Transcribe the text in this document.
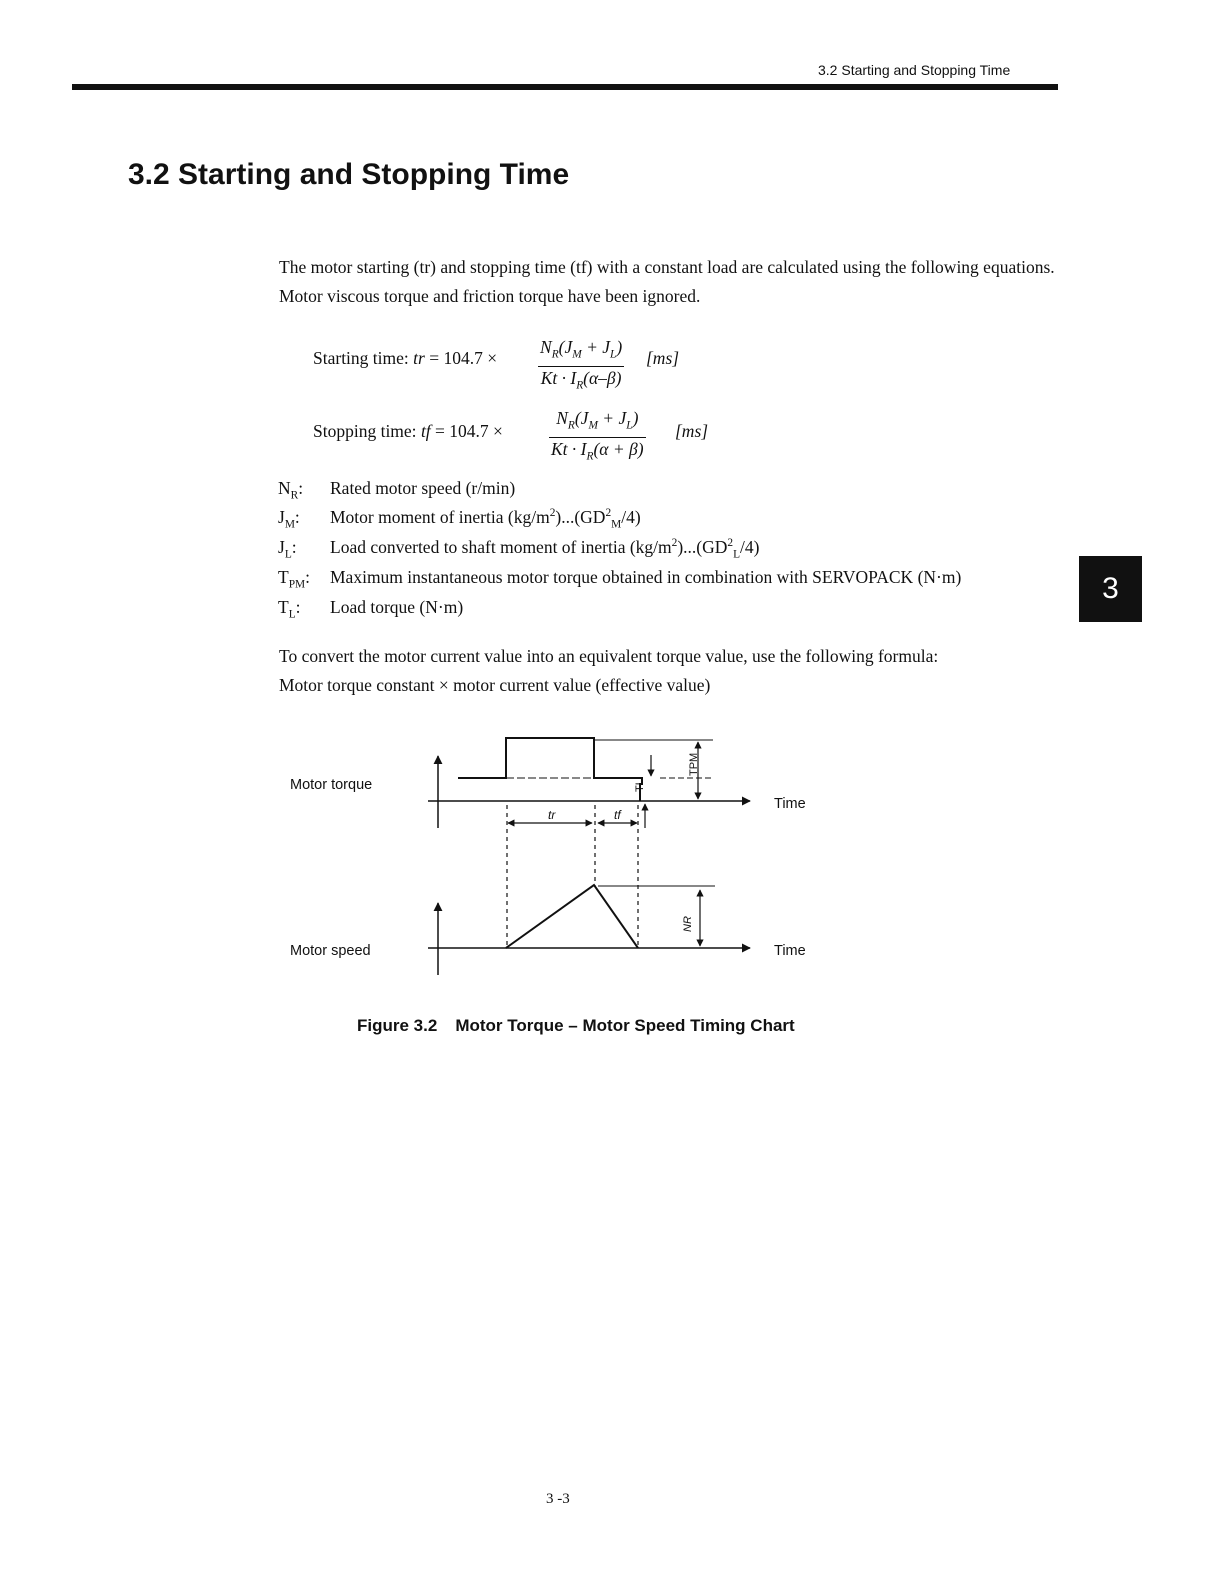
3.2 Starting and Stopping Time
3.2 Starting and Stopping Time
The motor starting (tr) and stopping time (tf) with a constant load are calculated using the following equations. Motor viscous torque and friction torque have been ignored.
Starting time: tr = $104.7 \times \frac{N_R(J_M + J_L)}{Kt \cdot I_R(\alpha-\beta)} [ms]$
Stopping time: tf = 104.7 ×	$\frac{N_R(J_M + J_L)}{Kt \cdot I_R(\alpha + \beta)} [ms]$
$N_R$: Rated motor speed (r/min)
$J_M$: Motor moment of inertia $(kg/m^2)...(GD^2_M/4)$
$J_L$: Load converted to shaft moment of inertia $(kg/m^2)...(GD^2_L/4)$
$T_{PM}$: Maximum instantaneous motor torque obtained in combination with SERVOPACK (N·m)
$T_L$: Load torque (N·m)
3
To convert the motor current value into an equivalent torque value, use the following formula:
Motor torque constant × motor current value (effective value)
Motor torque
Motor speed
Time
Time
tr	tf
TL
TPM
NR
Figure 3.2 Motor Torque – Motor Speed Timing Chart
3 -3
